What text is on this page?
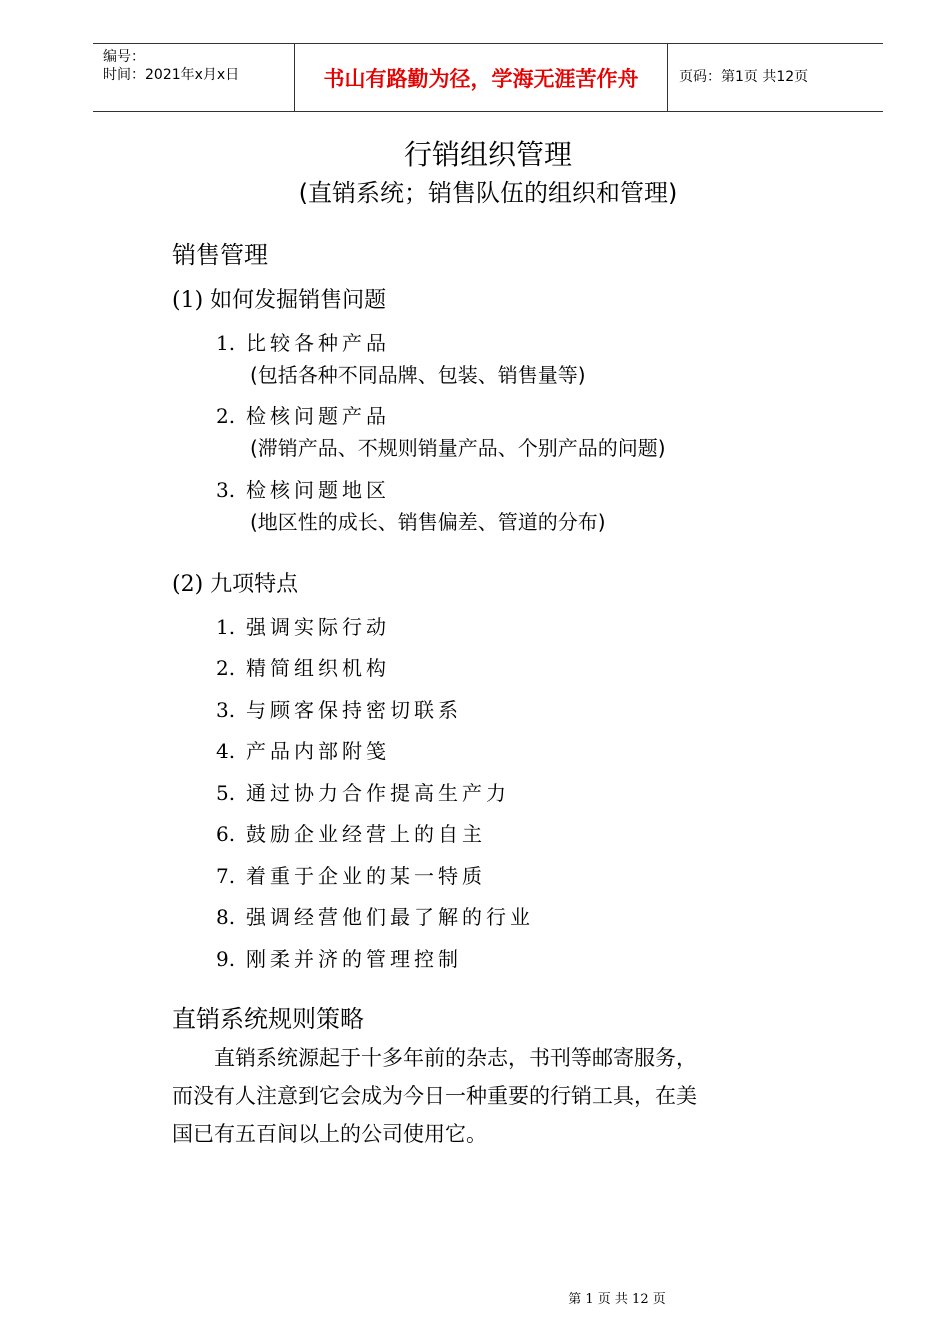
编号：
时间：2021年x月x日	书山有路勤为径，学海无涯苦作舟	页码：第1页 共12页
行销组织管理
(直销系统；销售队伍的组织和管理)
销售管理
(1) 如何发掘销售问题
1. 比较各种产品
(包括各种不同品牌、包装、销售量等)
2. 检核问题产品
(滞销产品、不规则销量产品、个别产品的问题)
3. 检核问题地区
(地区性的成长、销售偏差、管道的分布)
(2) 九项特点
1. 强调实际行动
2. 精简组织机构
3. 与顾客保持密切联系
4. 产品内部附笺
5. 通过协力合作提高生产力
6. 鼓励企业经营上的自主
7. 着重于企业的某一特质
8. 强调经营他们最了解的行业
9. 刚柔并济的管理控制
直销系统规则策略
　　直销系统源起于十多年前的杂志，书刊等邮寄服务，
而没有人注意到它会成为今日一种重要的行销工具，在美
国已有五百间以上的公司使用它。
第 1 页 共 12 页
